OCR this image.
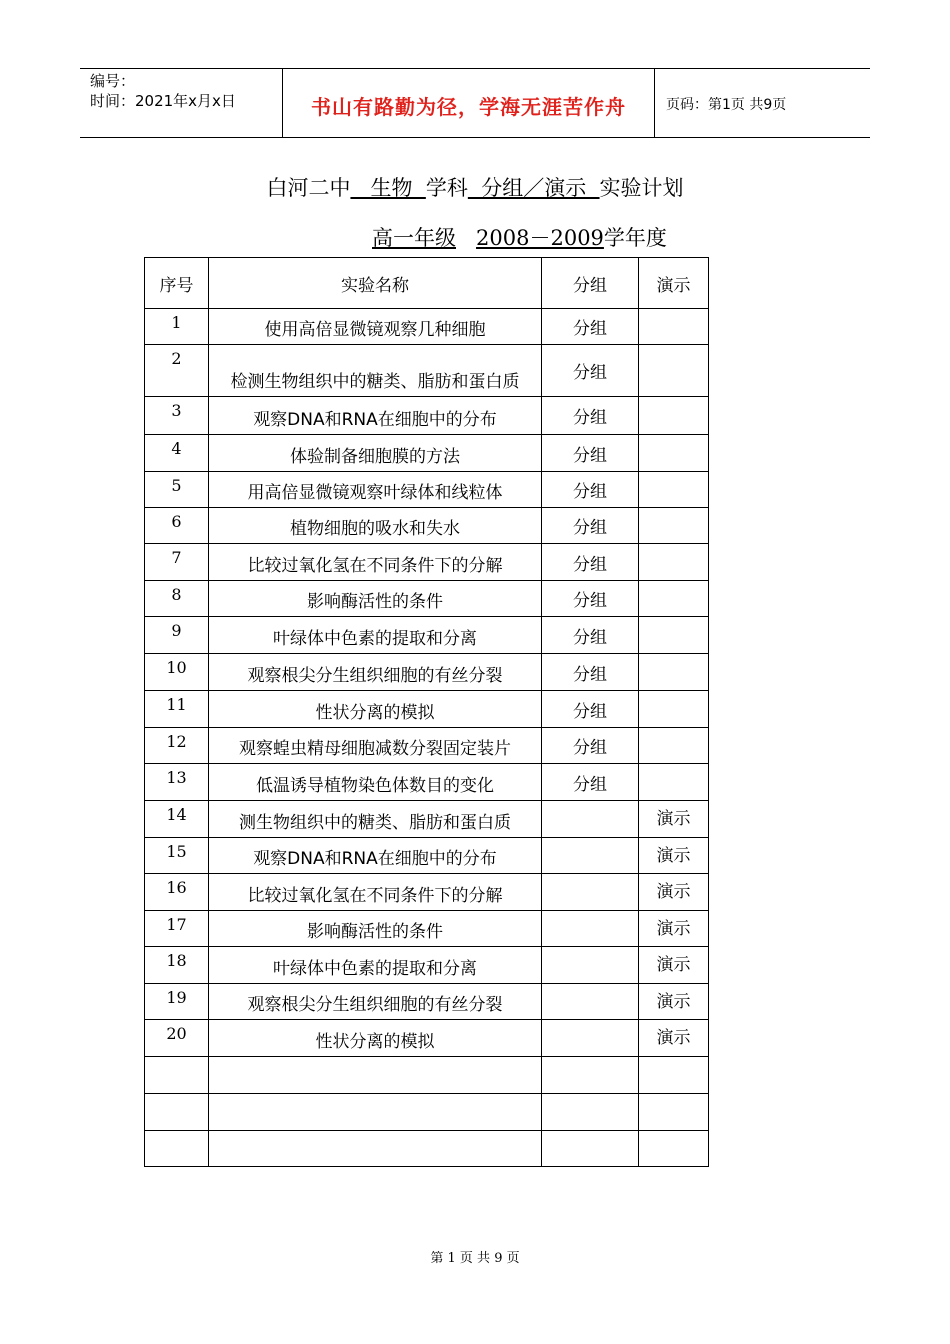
编号：
时间：2021年x月x日	书山有路勤为径，学海无涯苦作舟	页码：第1页 共9页
白河二中   生物  学科  分组／演示  实验计划
高一年级 2008－2009学年度
序号	实验名称	分组	演示
1	使用高倍显微镜观察几种细胞	分组	
2	检测生物组织中的糖类、脂肪和蛋白质	分组	
3	观察DNA和RNA在细胞中的分布	分组	
4	体验制备细胞膜的方法	分组	
5	用高倍显微镜观察叶绿体和线粒体	分组	
6	植物细胞的吸水和失水	分组	
7	比较过氧化氢在不同条件下的分解	分组	
8	影响酶活性的条件	分组	
9	叶绿体中色素的提取和分离	分组	
10	观察根尖分生组织细胞的有丝分裂	分组	
11	性状分离的模拟	分组	
12	观察蝗虫精母细胞减数分裂固定装片	分组	
13	低温诱导植物染色体数目的变化	分组	
14	测生物组织中的糖类、脂肪和蛋白质		演示
15	观察DNA和RNA在细胞中的分布		演示
16	比较过氧化氢在不同条件下的分解		演示
17	影响酶活性的条件		演示
18	叶绿体中色素的提取和分离		演示
19	观察根尖分生组织细胞的有丝分裂		演示
20	性状分离的模拟		演示

第 1 页 共 9 页
